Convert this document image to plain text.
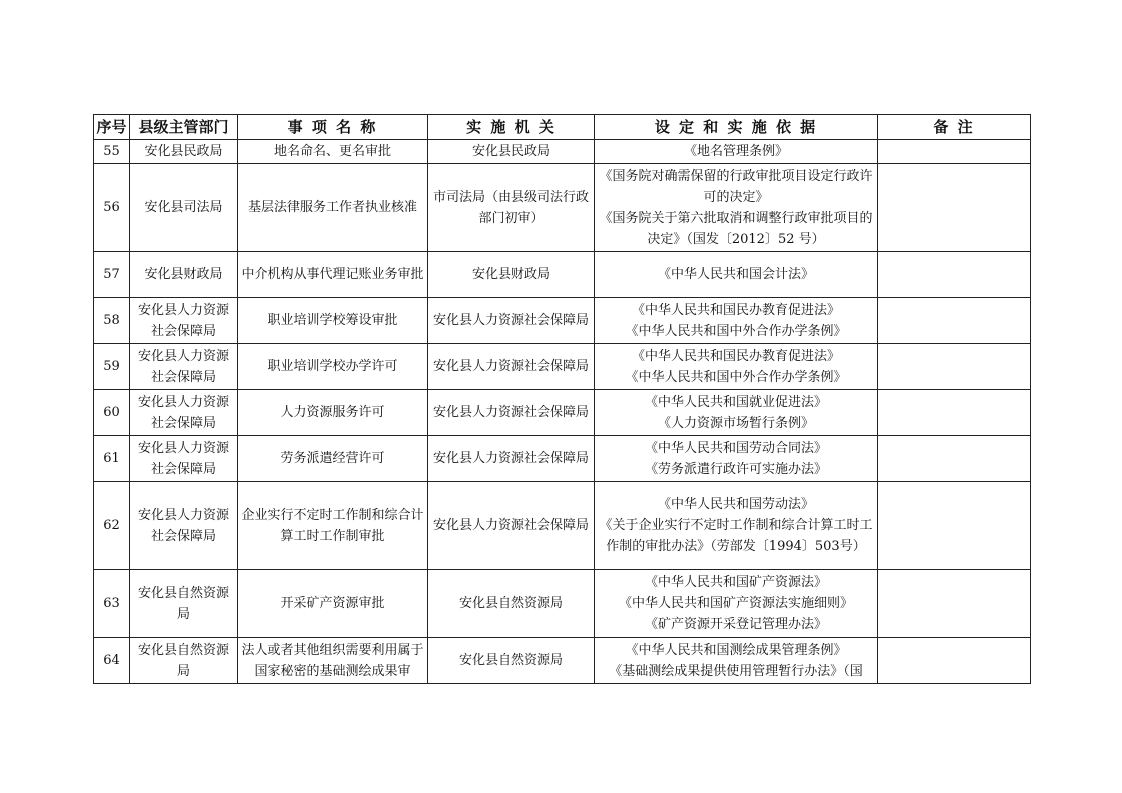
序号	县级主管部门	事 项 名 称	实 施 机 关	设 定 和 实 施 依 据	备 注
55	安化县民政局	地名命名、更名审批	安化县民政局	《地名管理条例》	

56	安化县司法局	基层法律服务工作者执业核准	市司法局（由县级司法行政部门初审）	《国务院对确需保留的行政审批项目设定行政许可的决定》
《国务院关于第六批取消和调整行政审批项目的决定》（国发〔2012〕52 号）	

57	安化县财政局	中介机构从事代理记账业务审批	安化县财政局	《中华人民共和国会计法》	

58	安化县人力资源社会保障局	职业培训学校筹设审批	安化县人力资源社会保障局	《中华人民共和国民办教育促进法》
《中华人民共和国中外合作办学条例》	

59	安化县人力资源社会保障局	职业培训学校办学许可	安化县人力资源社会保障局	《中华人民共和国民办教育促进法》
《中华人民共和国中外合作办学条例》	

60	安化县人力资源社会保障局	人力资源服务许可	安化县人力资源社会保障局	《中华人民共和国就业促进法》
《人力资源市场暂行条例》	

61	安化县人力资源社会保障局	劳务派遣经营许可	安化县人力资源社会保障局	《中华人民共和国劳动合同法》
《劳务派遣行政许可实施办法》	

62	安化县人力资源社会保障局	企业实行不定时工作制和综合计算工时工作制审批	安化县人力资源社会保障局	《中华人民共和国劳动法》
《关于企业实行不定时工作制和综合计算工时工作制的审批办法》（劳部发〔1994〕503号）	

63	安化县自然资源局	开采矿产资源审批	安化县自然资源局	《中华人民共和国矿产资源法》
《中华人民共和国矿产资源法实施细则》
《矿产资源开采登记管理办法》	

64	安化县自然资源局	法人或者其他组织需要利用属于国家秘密的基础测绘成果审	安化县自然资源局	《中华人民共和国测绘成果管理条例》
《基础测绘成果提供使用管理暂行办法》（国	
